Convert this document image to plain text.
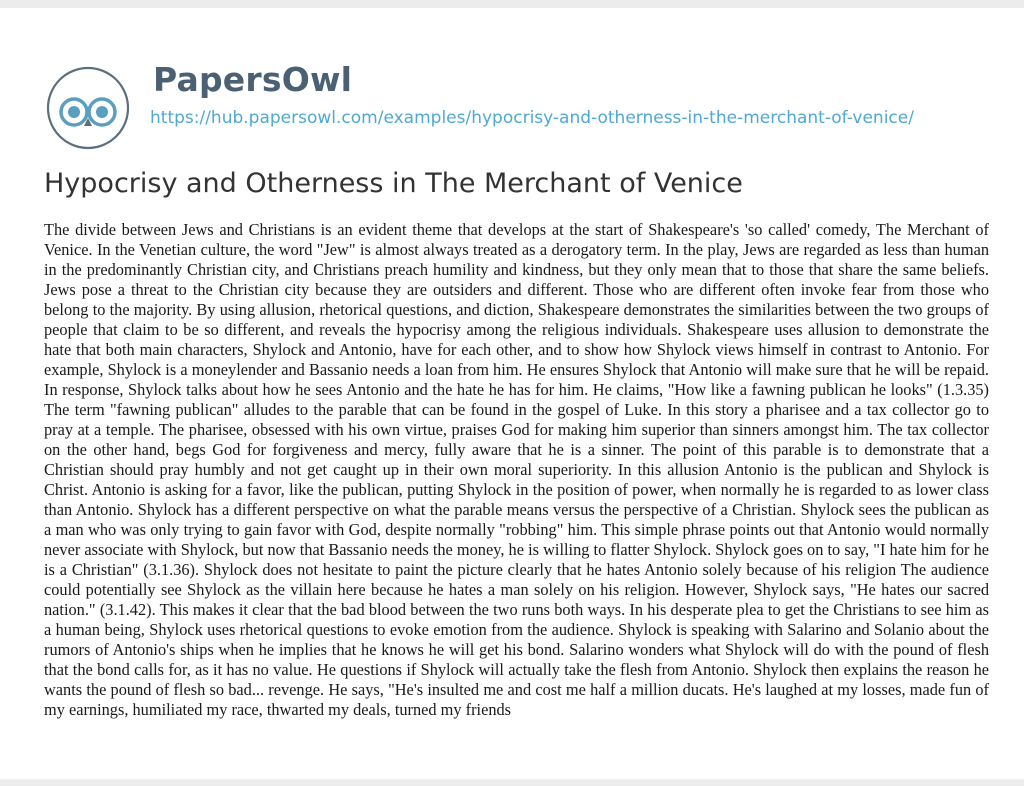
PapersOwl
https://hub.papersowl.com/examples/hypocrisy-and-otherness-in-the-merchant-of-venice/
Hypocrisy and Otherness in The Merchant of Venice

The divide between Jews and Christians is an evident theme that develops at the start of Shakespeare's 'so called' comedy, The Merchant of Venice. In the Venetian culture, the word "Jew" is almost always treated as a derogatory term. In the play, Jews are regarded as less than human in the predominantly Christian city, and Christians preach humility and kindness, but they only mean that to those that share the same beliefs. Jews pose a threat to the Christian city because they are outsiders and different. Those who are different often invoke fear from those who belong to the majority. By using allusion, rhetorical questions, and diction, Shakespeare demonstrates the similarities between the two groups of people that claim to be so different, and reveals the hypocrisy among the religious individuals. Shakespeare uses allusion to demonstrate the hate that both main characters, Shylock and Antonio, have for each other, and to show how Shylock views himself in contrast to Antonio. For example, Shylock is a moneylender and Bassanio needs a loan from him. He ensures Shylock that Antonio will make sure that he will be repaid. In response, Shylock talks about how he sees Antonio and the hate he has for him. He claims, "How like a fawning publican he looks" (1.3.35) The term "fawning publican" alludes to the parable that can be found in the gospel of Luke. In this story a pharisee and a tax collector go to pray at a temple. The pharisee, obsessed with his own virtue, praises God for making him superior than sinners amongst him. The tax collector on the other hand, begs God for forgiveness and mercy, fully aware that he is a sinner. The point of this parable is to demonstrate that a Christian should pray humbly and not get caught up in their own moral superiority. In this allusion Antonio is the publican and Shylock is Christ. Antonio is asking for a favor, like the publican, putting Shylock in the position of power, when normally he is regarded to as lower class than Antonio. Shylock has a different perspective on what the parable means versus the perspective of a Christian. Shylock sees the publican as a man who was only trying to gain favor with God, despite normally "robbing" him. This simple phrase points out that Antonio would normally never associate with Shylock, but now that Bassanio needs the money, he is willing to flatter Shylock. Shylock goes on to say, "I hate him for he is a Christian" (3.1.36). Shylock does not hesitate to paint the picture clearly that he hates Antonio solely because of his religion The audience could potentially see Shylock as the villain here because he hates a man solely on his religion. However, Shylock says, "He hates our sacred nation." (3.1.42). This makes it clear that the bad blood between the two runs both ways. In his desperate plea to get the Christians to see him as a human being, Shylock uses rhetorical questions to evoke emotion from the audience. Shylock is speaking with Salarino and Solanio about the rumors of Antonio's ships when he implies that he knows he will get his bond. Salarino wonders what Shylock will do with the pound of flesh that the bond calls for, as it has no value. He questions if Shylock will actually take the flesh from Antonio. Shylock then explains the reason he wants the pound of flesh so bad... revenge. He says, "He's insulted me and cost me half a million ducats. He's laughed at my losses, made fun of my earnings, humiliated my race, thwarted my deals, turned my friends
